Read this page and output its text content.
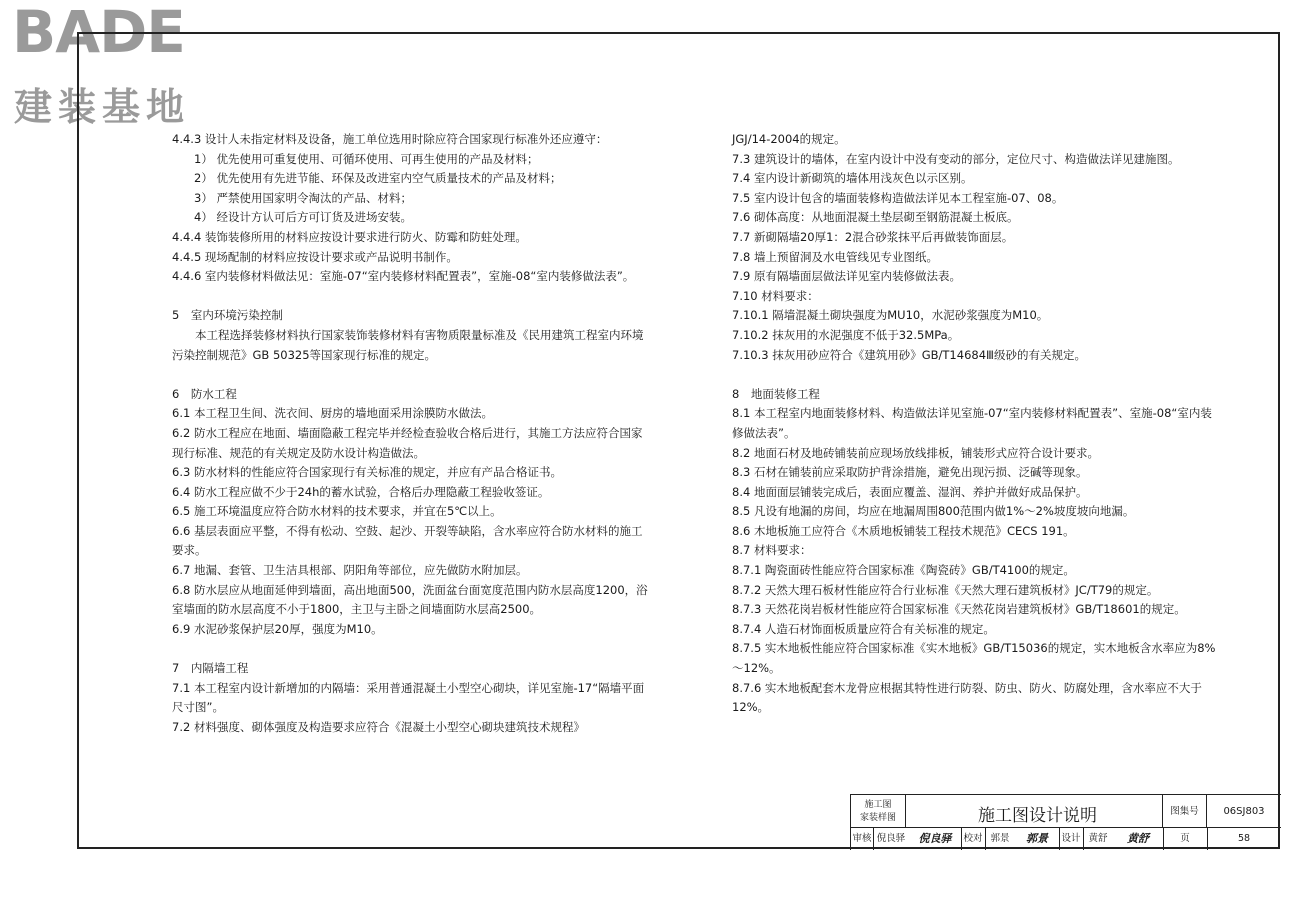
BADE
建装基地

4.4.3 设计人未指定材料及设备，施工单位选用时除应符合国家现行标准外还应遵守：

1） 优先使用可重复使用、可循环使用、可再生使用的产品及材料；

2） 优先使用有先进节能、环保及改进室内空气质量技术的产品及材料；

3） 严禁使用国家明令淘汰的产品、材料；

4） 经设计方认可后方可订货及进场安装。

4.4.4 装饰装修所用的材料应按设计要求进行防火、防霉和防蛀处理。

4.4.5 现场配制的材料应按设计要求或产品说明书制作。

4.4.6 室内装修材料做法见：室施-07“室内装修材料配置表”，室施-08“室内装修做法表”。

5　室内环境污染控制

本工程选择装修材料执行国家装饰装修材料有害物质限量标准及《民用建筑工程室内环境污染控制规范》GB 50325等国家现行标准的规定。

6　防水工程

6.1 本工程卫生间、洗衣间、厨房的墙地面采用涂膜防水做法。

6.2 防水工程应在地面、墙面隐蔽工程完毕并经检查验收合格后进行，其施工方法应符合国家现行标准、规范的有关规定及防水设计构造做法。

6.3 防水材料的性能应符合国家现行有关标准的规定，并应有产品合格证书。

6.4 防水工程应做不少于24h的蓄水试验，合格后办理隐蔽工程验收签证。

6.5 施工环境温度应符合防水材料的技术要求，并宜在5℃以上。

6.6 基层表面应平整，不得有松动、空鼓、起沙、开裂等缺陷，含水率应符合防水材料的施工要求。

6.7 地漏、套管、卫生洁具根部、阴阳角等部位，应先做防水附加层。

6.8 防水层应从地面延伸到墙面，高出地面500，洗面盆台面宽度范围内防水层高度1200，浴室墙面的防水层高度不小于1800，主卫与主卧之间墙面防水层高2500。

6.9 水泥砂浆保护层20厚，强度为M10。

7　内隔墙工程

7.1 本工程室内设计新增加的内隔墙：采用普通混凝土小型空心砌块，详见室施-17“隔墙平面尺寸图”。

7.2 材料强度、砌体强度及构造要求应符合《混凝土小型空心砌块建筑技术规程》

JGJ/14-2004的规定。

7.3 建筑设计的墙体，在室内设计中没有变动的部分，定位尺寸、构造做法详见建施图。

7.4 室内设计新砌筑的墙体用浅灰色以示区别。

7.5 室内设计包含的墙面装修构造做法详见本工程室施-07、08。

7.6 砌体高度：从地面混凝土垫层砌至钢筋混凝土板底。

7.7 新砌隔墙20厚1：2混合砂浆抹平后再做装饰面层。

7.8 墙上预留洞及水电管线见专业图纸。

7.9 原有隔墙面层做法详见室内装修做法表。

7.10 材料要求：

7.10.1 隔墙混凝土砌块强度为MU10，水泥砂浆强度为M10。

7.10.2 抹灰用的水泥强度不低于32.5MPa。

7.10.3 抹灰用砂应符合《建筑用砂》GB/T14684Ⅲ级砂的有关规定。

8　地面装修工程

8.1 本工程室内地面装修材料、构造做法详见室施-07“室内装修材料配置表”、室施-08“室内装修做法表”。

8.2 地面石材及地砖铺装前应现场放线排板，铺装形式应符合设计要求。

8.3 石材在铺装前应采取防护背涂措施，避免出现污损、泛碱等现象。

8.4 地面面层铺装完成后，表面应覆盖、湿润、养护并做好成品保护。

8.5 凡设有地漏的房间，均应在地漏周围800范围内做1%～2%坡度坡向地漏。

8.6 木地板施工应符合《木质地板铺装工程技术规范》CECS 191。

8.7 材料要求：

8.7.1 陶瓷面砖性能应符合国家标准《陶瓷砖》GB/T4100的规定。

8.7.2 天然大理石板材性能应符合行业标准《天然大理石建筑板材》JC/T79的规定。

8.7.3 天然花岗岩板材性能应符合国家标准《天然花岗岩建筑板材》GB/T18601的规定。

8.7.4 人造石材饰面板质量应符合有关标准的规定。

8.7.5 实木地板性能应符合国家标准《实木地板》GB/T15036的规定，实木地板含水率应为8%～12%。

8.7.6 实木地板配套木龙骨应根据其特性进行防裂、防虫、防火、防腐处理，含水率应不大于12%。

施工图
家装样图	施工图设计说明	图集号	06SJ803
审核 倪良驿	倪良驿	校对 郭景	郭景	设计 黄舒	黄舒	页	58
